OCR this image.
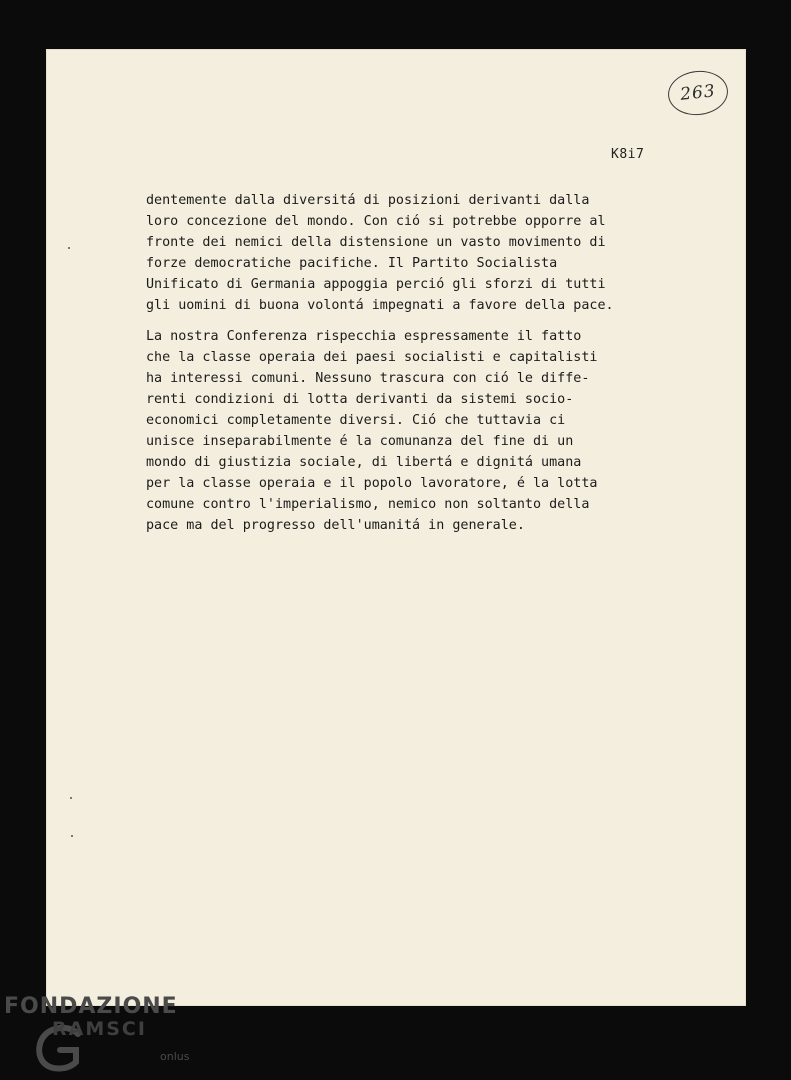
263
K8i7

dentemente dalla diversitá di posizioni derivanti dalla
loro concezione del mondo. Con ció si potrebbe opporre al
fronte dei nemici della distensione un vasto movimento di
forze democratiche pacifiche. Il Partito Socialista
Unificato di Germania appoggia perció gli sforzi di tutti
gli uomini di buona volontá impegnati a favore della pace.

La nostra Conferenza rispecchia espressamente il fatto
che la classe operaia dei paesi socialisti e capitalisti
ha interessi comuni. Nessuno trascura con ció le diffe-
renti condizioni di lotta derivanti da sistemi socio-
economici completamente diversi. Ció che tuttavia ci
unisce inseparabilmente é la comunanza del fine di un
mondo di giustizia sociale, di libertá e dignitá umana
per la classe operaia e il popolo lavoratore, é la lotta
comune contro l'imperialismo, nemico non soltanto della
pace ma del progresso dell'umanitá in generale.

FONDAZIONE
RAMSCI
onlus
